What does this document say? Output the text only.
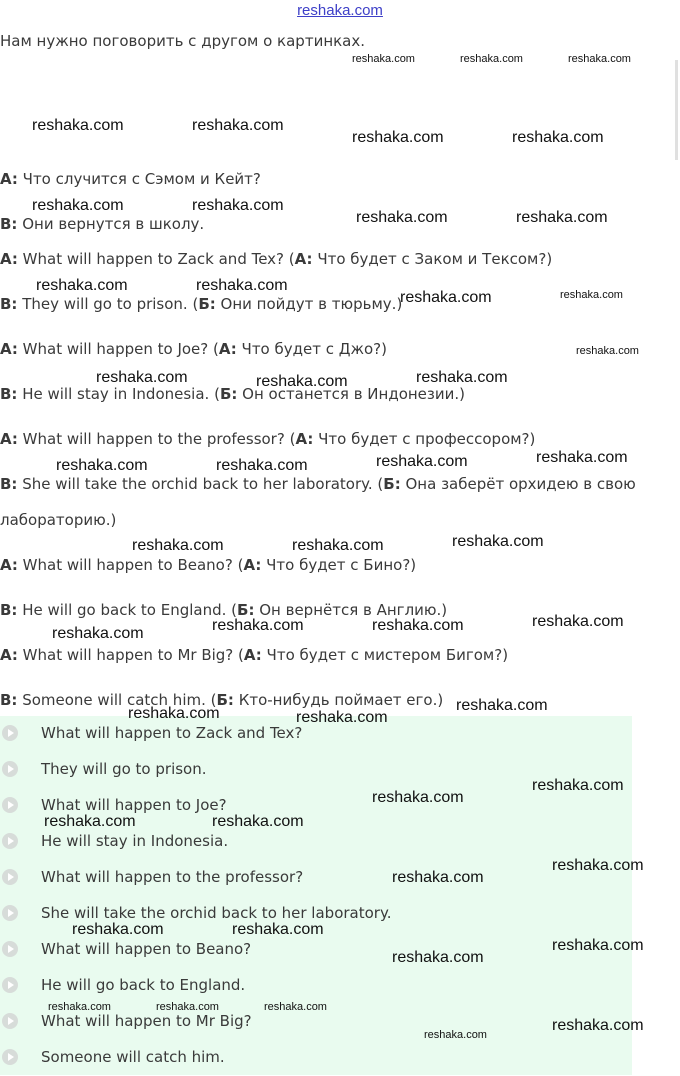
reshaka.com
Нам нужно поговорить с другом о картинках.
A: Что случится с Сэмом и Кейт?
B: Они вернутся в школу.
A: What will happen to Zack and Tex? (A: Что будет с Заком и Тексом?)
B: They will go to prison. (Б: Они пойдут в тюрьму.)
A: What will happen to Joe? (A: Что будет с Джо?)
B: He will stay in Indonesia. (Б: Он останется в Индонезии.)
A: What will happen to the professor? (A: Что будет с профессором?)
B: She will take the orchid back to her laboratory. (Б: Она заберёт орхидею в свою
лабораторию.)
A: What will happen to Beano? (A: Что будет с Бино?)
B: He will go back to England. (Б: Он вернётся в Англию.)
A: What will happen to Mr Big? (A: Что будет с мистером Бигом?)
B: Someone will catch him. (Б: Кто-нибудь поймает его.)
What will happen to Zack and Tex?
They will go to prison.
What will happen to Joe?
He will stay in Indonesia.
What will happen to the professor?
She will take the orchid back to her laboratory.
What will happen to Beano?
He will go back to England.
What will happen to Mr Big?
Someone will catch him.
reshaka.com	reshaka.com	reshaka.com
reshaka.com	reshaka.com
reshaka.com	reshaka.com
reshaka.com	reshaka.com
reshaka.com	reshaka.com
reshaka.com	reshaka.com
reshaka.com	reshaka.com
reshaka.com
reshaka.com	reshaka.com	reshaka.com
reshaka.com	reshaka.com	reshaka.com	reshaka.com
reshaka.com	reshaka.com	reshaka.com
reshaka.com	reshaka.com	reshaka.com	reshaka.com
reshaka.com
reshaka.com	reshaka.com
reshaka.com
reshaka.com
reshaka.com	reshaka.com
reshaka.com
reshaka.com
reshaka.com	reshaka.com
reshaka.com
reshaka.com
reshaka.com	reshaka.com	reshaka.com
reshaka.com
reshaka.com
